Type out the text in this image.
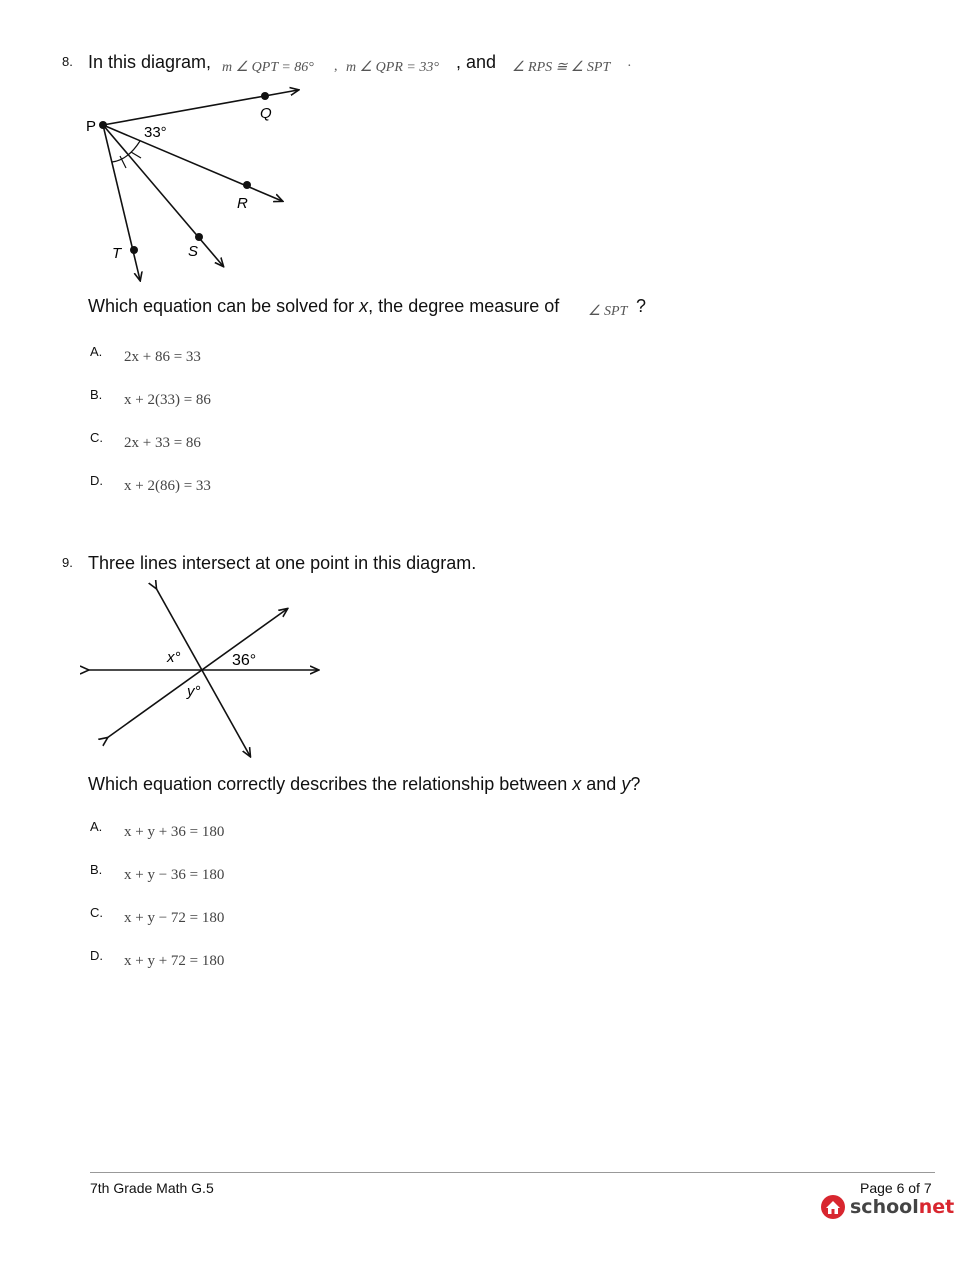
8. In this diagram, m ∠ QPT = 86° , m ∠ QPR = 33° , and ∠ RPS ≅ ∠ SPT ·
P
Q
R
S
T
33°
Which equation can be solved for x, the degree measure of ∠ SPT ?
A. 2x + 86 = 33
B. x + 2(33) = 86
C. 2x + 33 = 86
D. x + 2(86) = 33
9. Three lines intersect at one point in this diagram.
x°	36°
y°
Which equation correctly describes the relationship between x and y?
A. x + y + 36 = 180
B. x + y − 36 = 180
C. x + y − 72 = 180
D. x + y + 72 = 180
7th Grade Math G.5	Page 6 of 7
schoolnet
